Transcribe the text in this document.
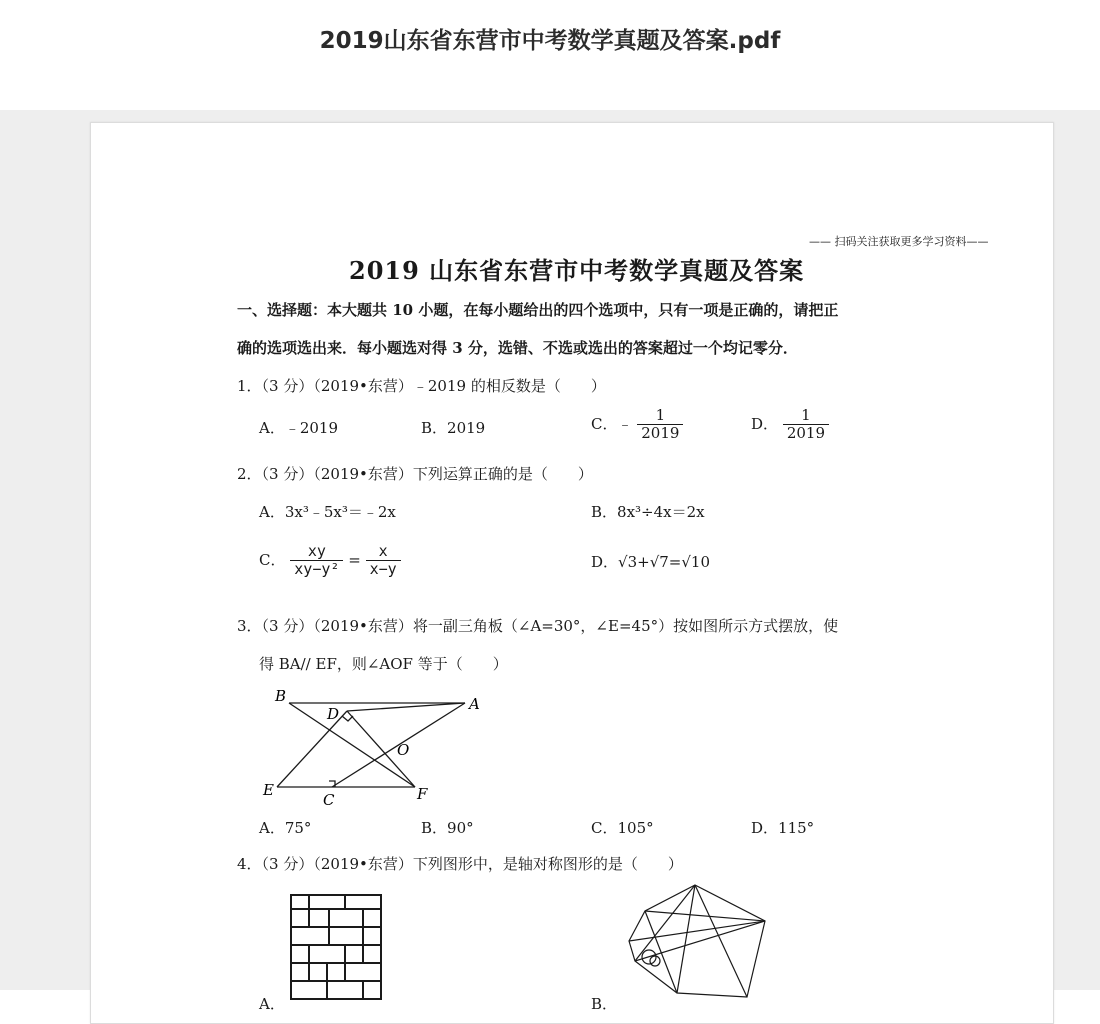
2019山东省东营市中考数学真题及答案.pdf
—— 扫码关注获取更多学习资料——
2019 山东省东营市中考数学真题及答案
一、选择题：本大题共 10 小题，在每小题给出的四个选项中，只有一项是正确的，请把正
确的选项选出来．每小题选对得 3 分，选错、不选或选出的答案超过一个均记零分．
1．（3 分）（2019•东营）﹣2019 的相反数是（　　）
A．﹣2019	B．2019	C．﹣ $\frac{1}{2019}$	D． $\frac{1}{2019}$
2．（3 分）（2019•东营）下列运算正确的是（　　）
A．3x³﹣5x³＝﹣2x	B．8x³÷4x＝2x
C． $\frac{xy}{\text{xy−y²}} = \frac{x}{x-y}$	D．√3+√7=√10
3．（3 分）（2019•东营）将一副三角板（∠A=30°，∠E=45°）按如图所示方式摆放，使
得 BA// EF，则∠AOF 等于（　　）
B	A
D
O
E
C	F
A．75°	B．90°	C．105°	D．115°
4．（3 分）（2019•东营）下列图形中，是轴对称图形的是（　　）
A．	B．
